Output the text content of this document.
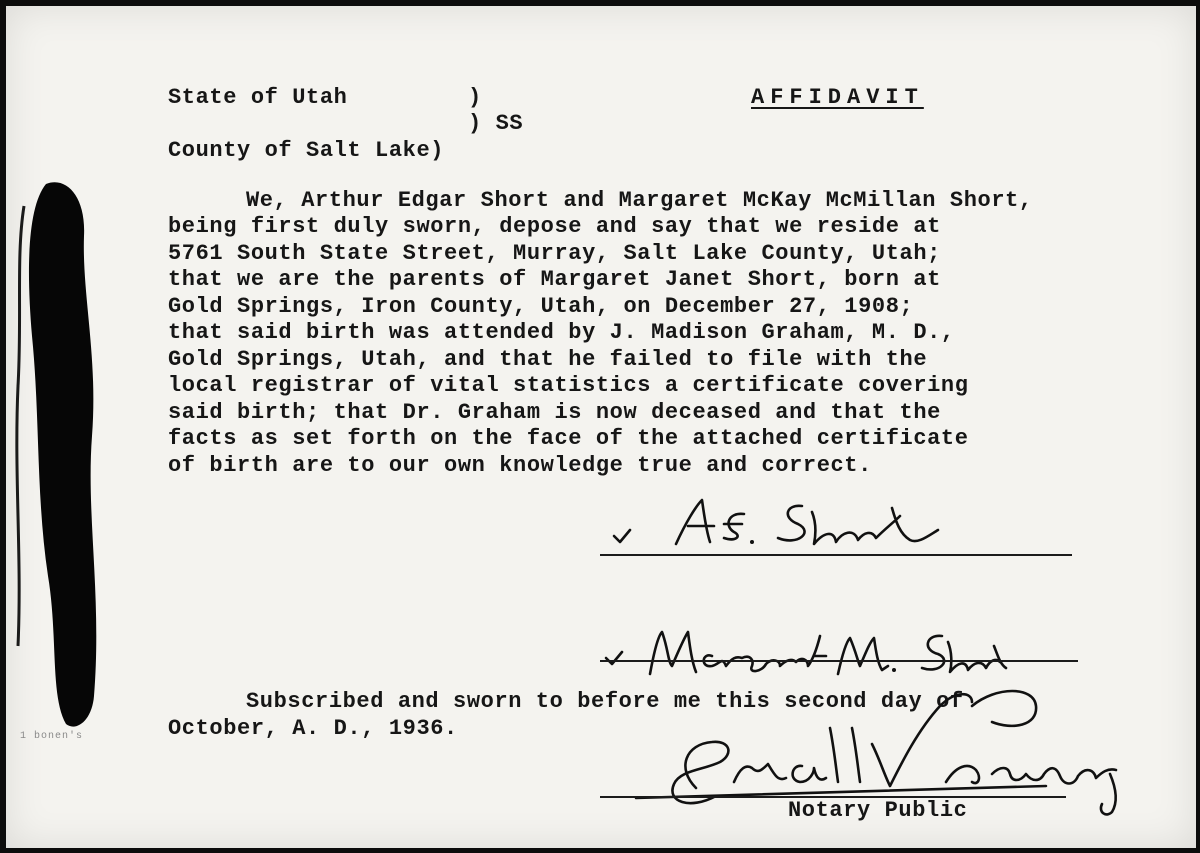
1 bonen's
State of Utah	)
) SS
County of Salt Lake)
AFFIDAVIT
We, Arthur Edgar Short and Margaret McKay McMillan Short,
being first duly sworn, depose and say that we reside at
5761 South State Street, Murray, Salt Lake County, Utah;
that we are the parents of Margaret Janet Short, born at
Gold Springs, Iron County, Utah, on December 27, 1908;
that said birth was attended by J. Madison Graham, M. D.,
Gold Springs, Utah, and that he failed to file with the
local registrar of vital statistics a certificate covering
said birth; that Dr. Graham is now deceased and that the
facts as set forth on the face of the attached certificate
of birth are to our own knowledge true and correct.
Subscribed and sworn to before me this second day of
October, A. D., 1936.
Notary Public
